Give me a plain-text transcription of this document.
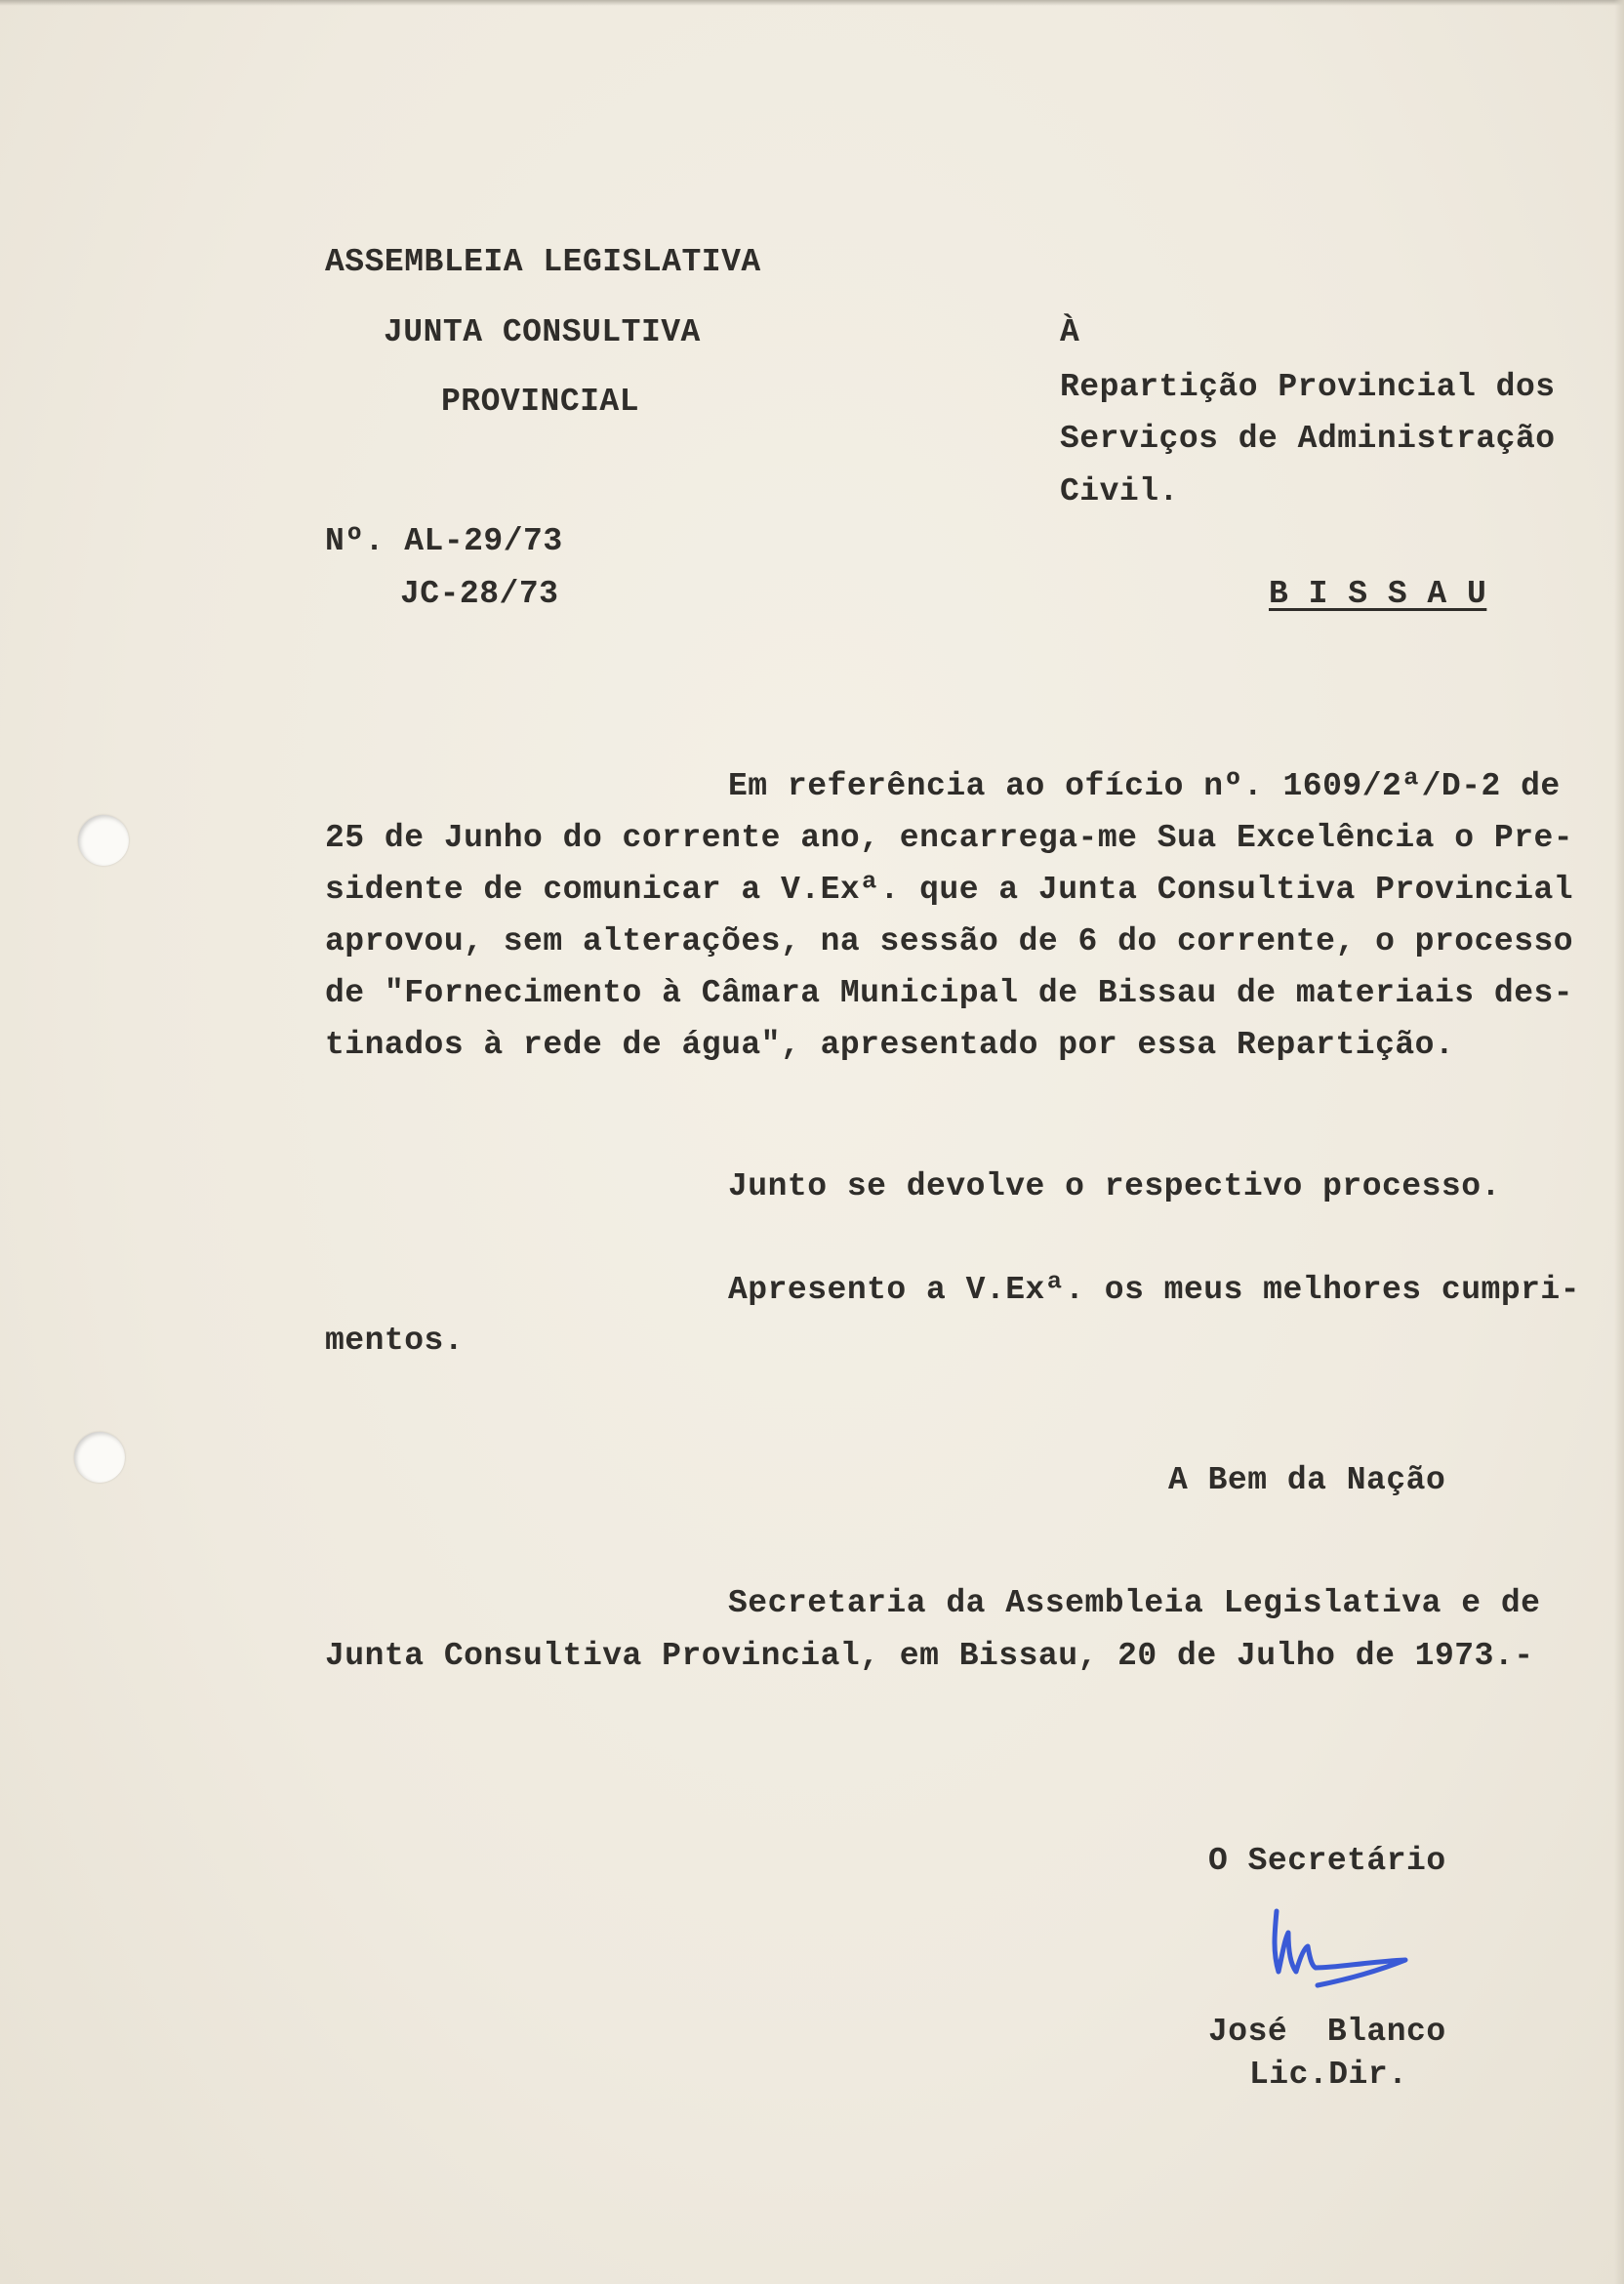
ASSEMBLEIA LEGISLATIVA
JUNTA CONSULTIVA
PROVINCIAL
À
Repartição Provincial dos
Serviços de Administração
Civil.
B I S S A U
Nº. AL-29/73
JC-28/73
Em referência ao ofício nº. 1609/2ª/D-2 de
25 de Junho do corrente ano, encarrega-me Sua Excelência o Pre-
sidente de comunicar a V.Exª. que a Junta Consultiva Provincial
aprovou, sem alterações, na sessão de 6 do corrente, o processo
de "Fornecimento à Câmara Municipal de Bissau de materiais des-
tinados à rede de água", apresentado por essa Repartição.
Junto se devolve o respectivo processo.
Apresento a V.Exª. os meus melhores cumpri-
mentos.
A Bem da Nação
Secretaria da Assembleia Legislativa e de
Junta Consultiva Provincial, em Bissau, 20 de Julho de 1973.-
O Secretário
José  Blanco
Lic.Dir.
